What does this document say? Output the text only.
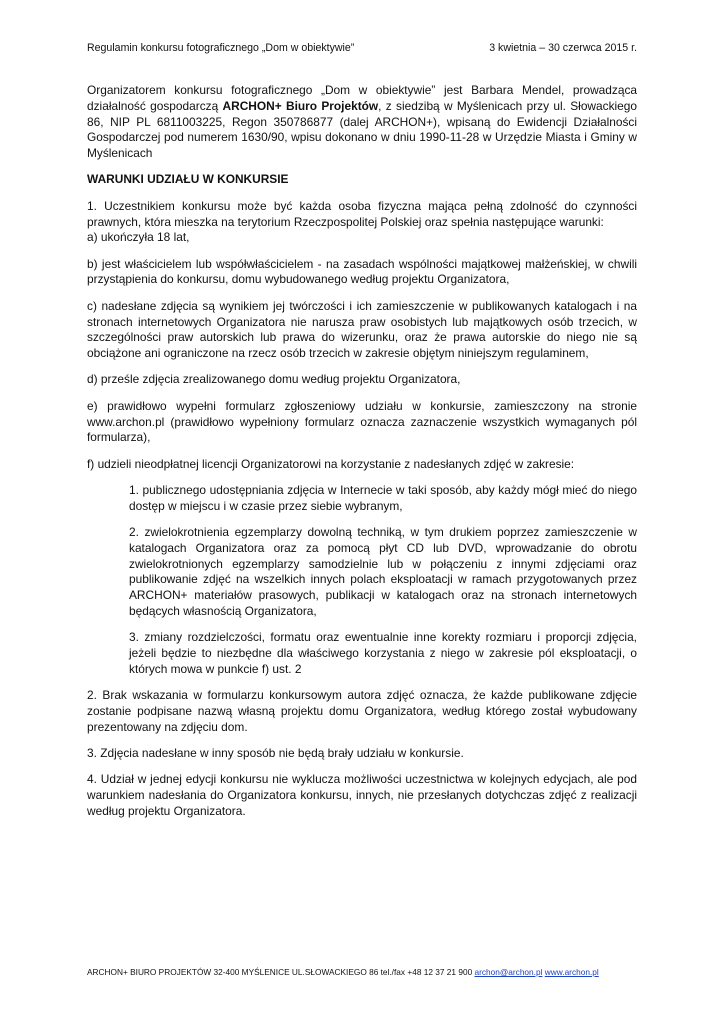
Regulamin konkursu fotograficznego „Dom w obiektywie”	3 kwietnia – 30 czerwca 2015 r.

Organizatorem konkursu fotograficznego „Dom w obiektywie” jest Barbara Mendel, prowadząca działalność gospodarczą ARCHON+ Biuro Projektów, z siedzibą w Myślenicach przy ul. Słowackiego 86, NIP PL 6811003225, Regon 350786877 (dalej ARCHON+), wpisaną do Ewidencji Działalności Gospodarczej pod numerem 1630/90, wpisu dokonano w dniu 1990-11-28 w Urzędzie Miasta i Gminy w Myślenicach

WARUNKI UDZIAŁU W KONKURSIE

1. Uczestnikiem konkursu może być każda osoba fizyczna mająca pełną zdolność do czynności prawnych, która mieszka na terytorium Rzeczpospolitej Polskiej oraz spełnia następujące warunki:

a) ukończyła 18 lat,

b) jest właścicielem lub współwłaścicielem - na zasadach wspólności majątkowej małżeńskiej, w chwili przystąpienia do konkursu, domu wybudowanego według projektu Organizatora,

c) nadesłane zdjęcia są wynikiem jej twórczości i ich zamieszczenie w publikowanych katalogach i na stronach internetowych Organizatora nie narusza praw osobistych lub majątkowych osób trzecich, w szczególności praw autorskich lub prawa do wizerunku, oraz że prawa autorskie do niego nie są obciążone ani ograniczone na rzecz osób trzecich w zakresie objętym niniejszym regulaminem,

d) prześle zdjęcia zrealizowanego domu według projektu Organizatora,

e) prawidłowo wypełni formularz zgłoszeniowy udziału w konkursie, zamieszczony na stronie www.archon.pl (prawidłowo wypełniony formularz oznacza zaznaczenie wszystkich wymaganych pól formularza),

f) udzieli nieodpłatnej licencji Organizatorowi na korzystanie z nadesłanych zdjęć w zakresie:

1. publicznego udostępniania zdjęcia w Internecie w taki sposób, aby każdy mógł mieć do niego dostęp w miejscu i w czasie przez siebie wybranym,

2. zwielokrotnienia egzemplarzy dowolną techniką, w tym drukiem poprzez zamieszczenie w katalogach Organizatora oraz za pomocą płyt CD lub DVD, wprowadzanie do obrotu zwielokrotnionych egzemplarzy samodzielnie lub w połączeniu z innymi zdjęciami oraz publikowanie zdjęć na wszelkich innych polach eksploatacji w ramach przygotowanych przez ARCHON+ materiałów prasowych, publikacji w katalogach oraz na stronach internetowych będących własnością Organizatora,

3. zmiany rozdzielczości, formatu oraz ewentualnie inne korekty rozmiaru i proporcji zdjęcia, jeżeli będzie to niezbędne dla właściwego korzystania z niego w zakresie pól eksploatacji, o których mowa w punkcie f) ust. 2

2. Brak wskazania w formularzu konkursowym autora zdjęć oznacza, że każde publikowane zdjęcie zostanie podpisane nazwą własną projektu domu Organizatora, według którego został wybudowany prezentowany na zdjęciu dom.

3. Zdjęcia nadesłane w inny sposób nie będą brały udziału w konkursie.

4. Udział w jednej edycji konkursu nie wyklucza możliwości uczestnictwa w kolejnych edycjach, ale pod warunkiem nadesłania do Organizatora konkursu, innych, nie przesłanych dotychczas zdjęć z realizacji według projektu Organizatora.

ARCHON+ BIURO PROJEKTÓW 32-400 MYŚLENICE UL.SŁOWACKIEGO 86 tel./fax +48 12 37 21 900 archon@archon.pl www.archon.pl
